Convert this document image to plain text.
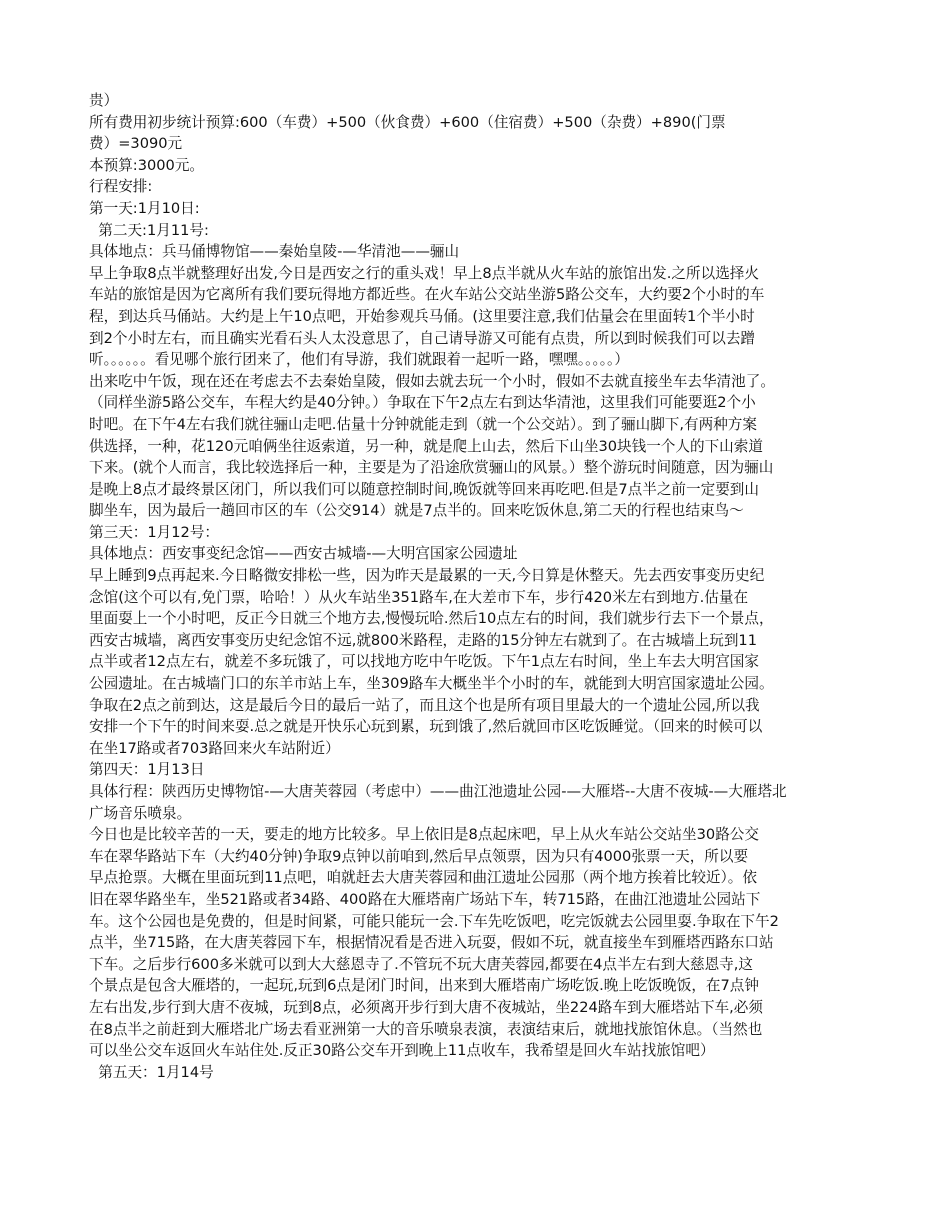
贵）
所有费用初步统计预算:600（车费）+500（伙食费）+600（住宿费）+500（杂费）+890(门票
费）=3090元
本预算:3000元。
行程安排:
第一天:1月10日:
第二天:1月11号:
具体地点：兵马俑博物馆——秦始皇陵-—华清池——骊山
早上争取8点半就整理好出发,今日是西安之行的重头戏！早上8点半就从火车站的旅馆出发.之所以选择火
车站的旅馆是因为它离所有我们要玩得地方都近些。在火车站公交站坐游5路公交车，大约要2个小时的车
程，到达兵马俑站。大约是上午10点吧，开始参观兵马俑。(这里要注意,我们估量会在里面转1个半小时
到2个小时左右，而且确实光看石头人太没意思了，自己请导游又可能有点贵，所以到时候我们可以去蹭
听。。。。。。看见哪个旅行团来了，他们有导游，我们就跟着一起听一路，嘿嘿。。。。。）
出来吃中午饭，现在还在考虑去不去秦始皇陵，假如去就去玩一个小时，假如不去就直接坐车去华清池了。
（同样坐游5路公交车，车程大约是40分钟。）争取在下午2点左右到达华清池，这里我们可能要逛2个小
时吧。在下午4左右我们就往骊山走吧.估量十分钟就能走到（就一个公交站）。到了骊山脚下,有两种方案
供选择，一种，花120元咱俩坐往返索道，另一种，就是爬上山去，然后下山坐30块钱一个人的下山索道
下来。(就个人而言，我比较选择后一种，主要是为了沿途欣赏骊山的风景。）整个游玩时间随意，因为骊山
是晚上8点才最终景区闭门，所以我们可以随意控制时间,晚饭就等回来再吃吧.但是7点半之前一定要到山
脚坐车，因为最后一趟回市区的车（公交914）就是7点半的。回来吃饭休息,第二天的行程也结束鸟～
第三天：1月12号：
具体地点：西安事变纪念馆——西安古城墙-—大明宫国家公园遗址
早上睡到9点再起来.今日略微安排松一些，因为昨天是最累的一天,今日算是休整天。先去西安事变历史纪
念馆(这个可以有,免门票，哈哈！）从火车站坐351路车,在大差市下车，步行420米左右到地方.估量在
里面耍上一个小时吧，反正今日就三个地方去,慢慢玩哈.然后10点左右的时间，我们就步行去下一个景点，
西安古城墙，离西安事变历史纪念馆不远,就800米路程，走路的15分钟左右就到了。在古城墙上玩到11
点半或者12点左右，就差不多玩饿了，可以找地方吃中午吃饭。下午1点左右时间，坐上车去大明宫国家
公园遗址。在古城墙门口的东羊市站上车，坐309路车大概坐半个小时的车，就能到大明宫国家遗址公园。
争取在2点之前到达，这是最后今日的最后一站了，而且这个也是所有项目里最大的一个遗址公园,所以我
安排一个下午的时间来耍.总之就是开快乐心玩到累，玩到饿了,然后就回市区吃饭睡觉。（回来的时候可以
在坐17路或者703路回来火车站附近）
第四天：1月13日
具体行程：陕西历史博物馆-—大唐芙蓉园（考虑中）——曲江池遗址公园-—大雁塔--大唐不夜城-—大雁塔北
广场音乐喷泉。
今日也是比较辛苦的一天，要走的地方比较多。早上依旧是8点起床吧，早上从火车站公交站坐30路公交
车在翠华路站下车（大约40分钟)争取9点钟以前咱到,然后早点领票，因为只有4000张票一天，所以要
早点抢票。大概在里面玩到11点吧，咱就赶去大唐芙蓉园和曲江遗址公园那（两个地方挨着比较近）。依
旧在翠华路坐车，坐521路或者34路、400路在大雁塔南广场站下车，转715路，在曲江池遗址公园站下
车。这个公园也是免费的，但是时间紧，可能只能玩一会.下车先吃饭吧，吃完饭就去公园里耍.争取在下午2
点半，坐715路，在大唐芙蓉园下车，根据情况看是否进入玩耍，假如不玩，就直接坐车到雁塔西路东口站
下车。之后步行600多米就可以到大大慈恩寺了.不管玩不玩大唐芙蓉园,都要在4点半左右到大慈恩寺,这
个景点是包含大雁塔的，一起玩,玩到6点是闭门时间，出来到大雁塔南广场吃饭.晚上吃饭晚饭，在7点钟
左右出发,步行到大唐不夜城，玩到8点，必须离开步行到大唐不夜城站，坐224路车到大雁塔站下车,必须
在8点半之前赶到大雁塔北广场去看亚洲第一大的音乐喷泉表演，表演结束后，就地找旅馆休息。（当然也
可以坐公交车返回火车站住处.反正30路公交车开到晚上11点收车，我希望是回火车站找旅馆吧）
第五天：1月14号
